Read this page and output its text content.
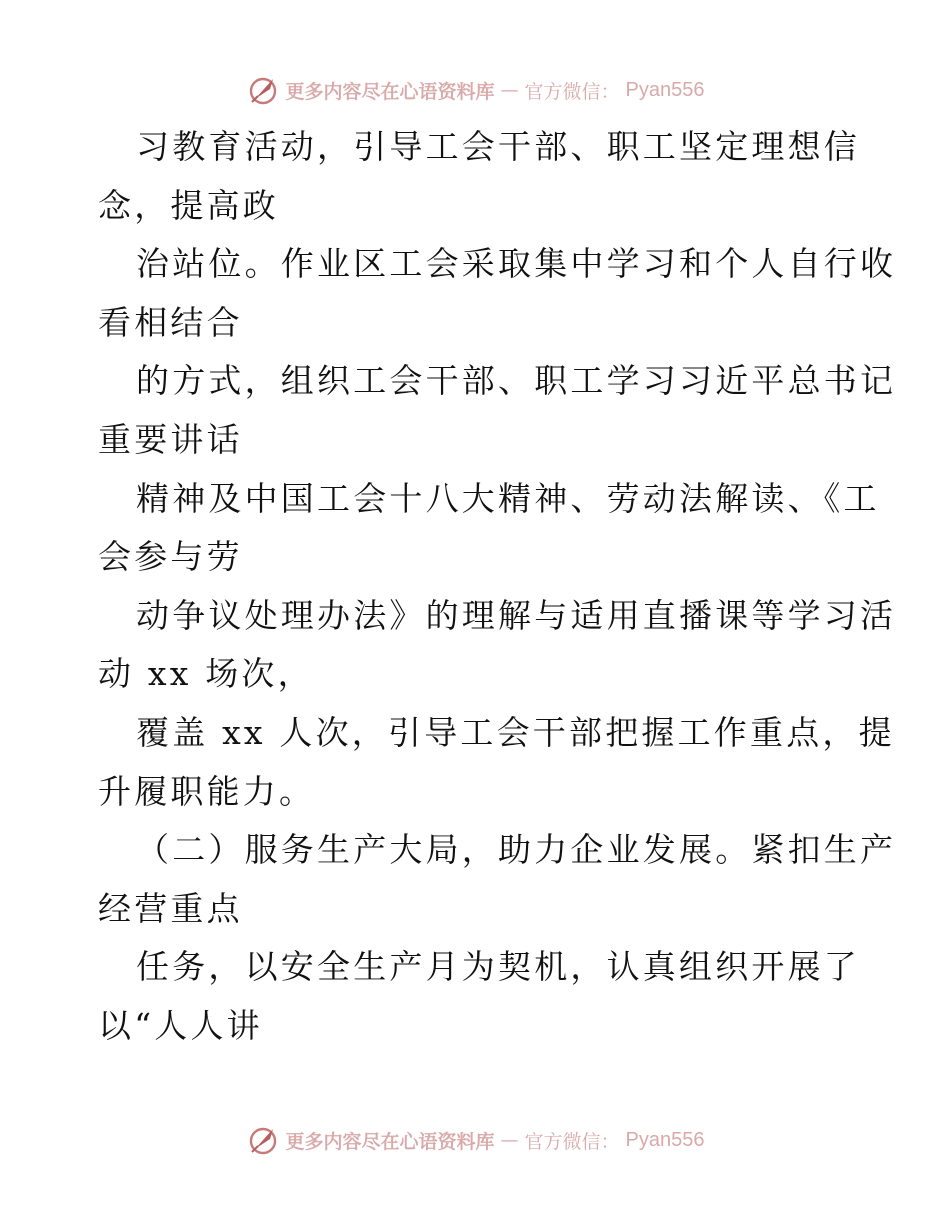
更多内容尽在心语资料库 — 官方微信： Pyan556
习教育活动，引导工会干部、职工坚定理想信
念，提高政
治站位。作业区工会采取集中学习和个人自行收
看相结合
的方式，组织工会干部、职工学习习近平总书记
重要讲话
精神及中国工会十八大精神、劳动法解读、《工
会参与劳
动争议处理办法》的理解与适用直播课等学习活
动 xx 场次，
覆盖 xx 人次，引导工会干部把握工作重点，提
升履职能力。
（二）服务生产大局，助力企业发展。紧扣生产
经营重点
任务，以安全生产月为契机，认真组织开展了
以“人人讲
更多内容尽在心语资料库 — 官方微信： Pyan556
